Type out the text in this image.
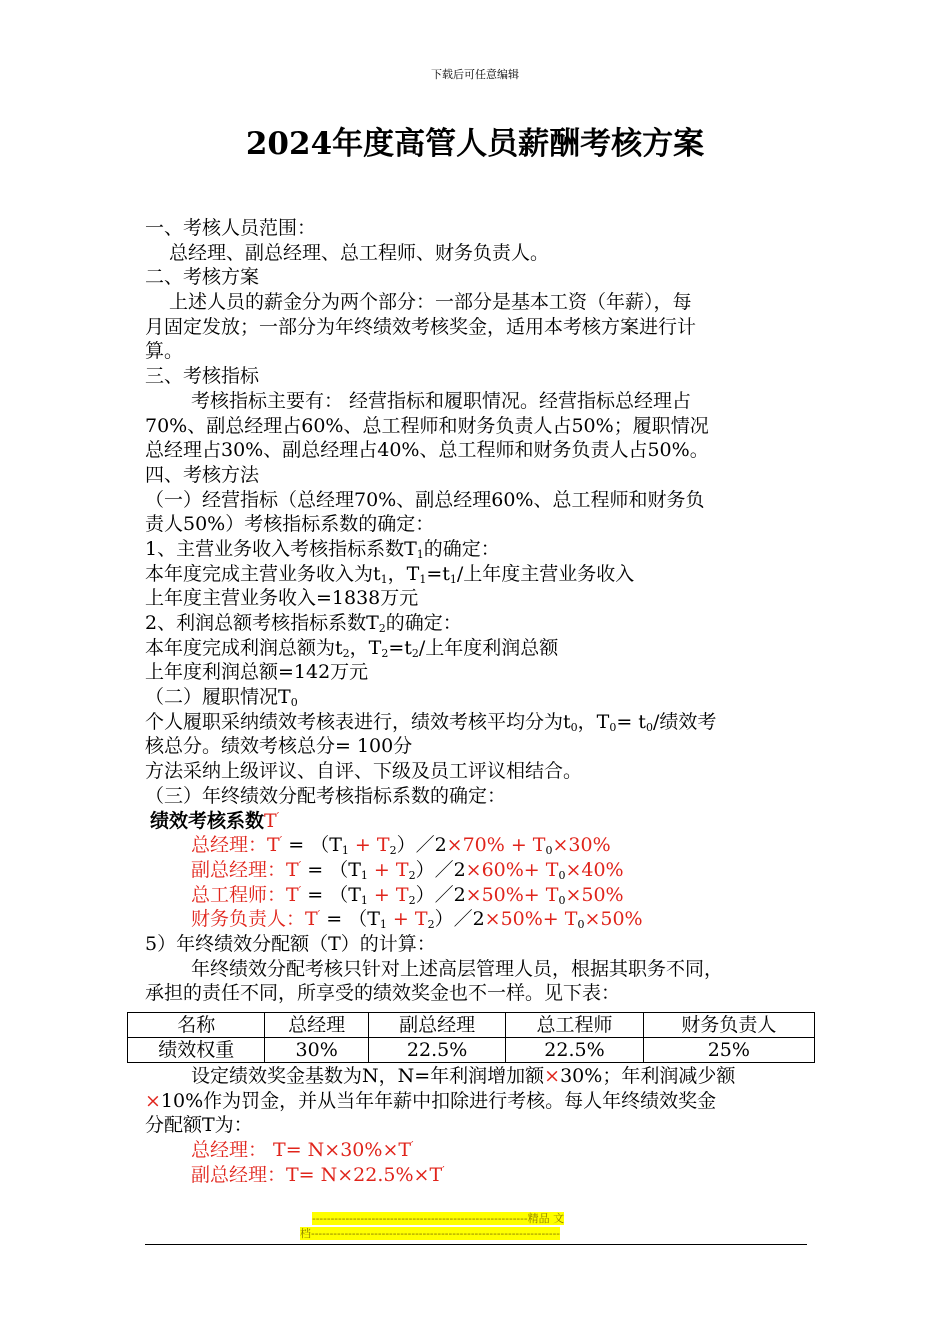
下载后可任意编辑
2024年度高管人员薪酬考核方案
一、考核人员范围：
总经理、副总经理、总工程师、财务负责人。
二、考核方案
上述人员的薪金分为两个部分：一部分是基本工资（年薪），每
月固定发放；一部分为年终绩效考核奖金，适用本考核方案进行计
算。
三、考核指标
考核指标主要有： 经营指标和履职情况。经营指标总经理占
70%、副总经理占60%、总工程师和财务负责人占50%；履职情况
总经理占30%、副总经理占40%、总工程师和财务负责人占50%。
四、考核方法
（一）经营指标（总经理70%、副总经理60%、总工程师和财务负
责人50%）考核指标系数的确定：
1、主营业务收入考核指标系数$T_1$的确定：
本年度完成主营业务收入为$t_1$，$T_1=t_1/$上年度主营业务收入
上年度主营业务收入=1838万元
2、利润总额考核指标系数$T_2$的确定：
本年度完成利润总额为$t_2$，$T_2=t_2/$上年度利润总额
上年度利润总额=142万元
（二）履职情况$T_0$
个人履职采纳绩效考核表进行，绩效考核平均分为$t_0$，$T_0= t_0/$绩效考
核总分。绩效考核总分= 100分
方法采纳上级评议、自评、下级及员工评议相结合。
（三）年终绩效分配考核指标系数的确定：
绩效考核系数T′
总经理：$T' = (T_1$ + $T_2)/2\times 70\% + T_0\times 30\%$
副总经理：$T' = (T_1$ + $T_2)/2\times 60\%+ T_0\times 40\%$
总工程师：$T' = (T_1$ + $T_2)/2\times 50\%+ T_0\times 50\%$
财务负责人：$T' = (T_1$ + $T_2)/2\times 50\%+ T_0\times 50\%$
5）年终绩效分配额（T）的计算：
年终绩效分配考核只针对上述高层管理人员，根据其职务不同，
承担的责任不同，所享受的绩效奖金也不一样。见下表：
名称	总经理	副总经理	总工程师	财务负责人
绩效权重	30%	22.5%	22.5%	25%
设定绩效奖金基数为N，N=年利润增加额×30%；年利润减少额
×10%作为罚金，并从当年年薪中扣除进行考核。每人年终绩效奖金
分配额T为：
总经理： T= N×30%×T′
副总经理：T= N×22.5%×T′
----------------------------------------------------------精品 文
档-------------------------------------------------------------------
